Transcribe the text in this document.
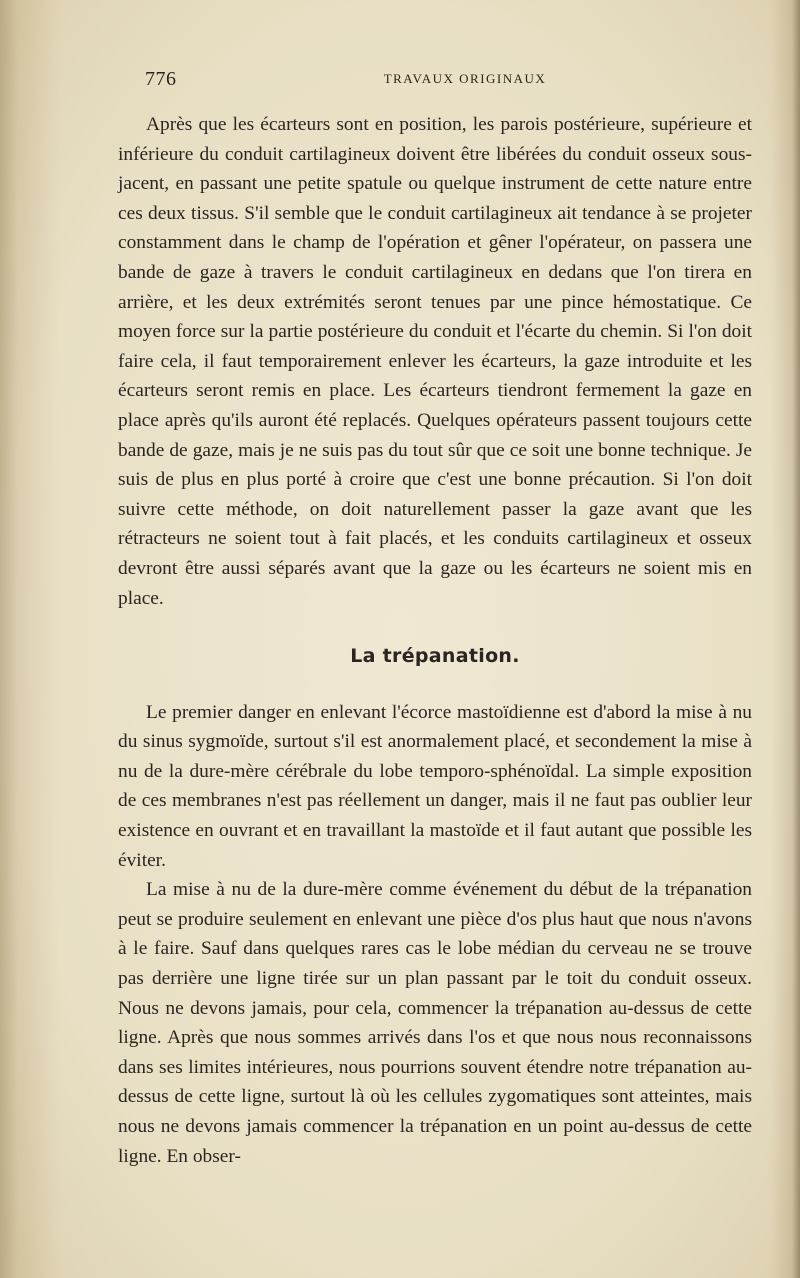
776	TRAVAUX ORIGINAUX

Après que les écarteurs sont en position, les parois postérieure, supérieure et inférieure du conduit cartilagineux doivent être libérées du conduit osseux sous-jacent, en passant une petite spatule ou quelque instrument de cette nature entre ces deux tissus. S'il semble que le conduit cartilagineux ait tendance à se projeter constamment dans le champ de l'opération et gêner l'opérateur, on passera une bande de gaze à travers le conduit cartilagineux en dedans que l'on tirera en arrière, et les deux extrémités seront tenues par une pince hémostatique. Ce moyen force sur la partie postérieure du conduit et l'écarte du chemin. Si l'on doit faire cela, il faut temporairement enlever les écarteurs, la gaze introduite et les écarteurs seront remis en place. Les écarteurs tiendront fermement la gaze en place après qu'ils auront été replacés. Quelques opérateurs passent toujours cette bande de gaze, mais je ne suis pas du tout sûr que ce soit une bonne technique. Je suis de plus en plus porté à croire que c'est une bonne précaution. Si l'on doit suivre cette méthode, on doit naturellement passer la gaze avant que les rétracteurs ne soient tout à fait placés, et les conduits cartilagineux et osseux devront être aussi séparés avant que la gaze ou les écarteurs ne soient mis en place.

La trépanation.

Le premier danger en enlevant l'écorce mastoïdienne est d'abord la mise à nu du sinus sygmoïde, surtout s'il est anormalement placé, et secondement la mise à nu de la dure-mère cérébrale du lobe temporo-sphénoïdal. La simple exposition de ces membranes n'est pas réellement un danger, mais il ne faut pas oublier leur existence en ouvrant et en travaillant la mastoïde et il faut autant que possible les éviter.

La mise à nu de la dure-mère comme événement du début de la trépanation peut se produire seulement en enlevant une pièce d'os plus haut que nous n'avons à le faire. Sauf dans quelques rares cas le lobe médian du cerveau ne se trouve pas derrière une ligne tirée sur un plan passant par le toit du conduit osseux. Nous ne devons jamais, pour cela, commencer la trépanation au-dessus de cette ligne. Après que nous sommes arrivés dans l'os et que nous nous reconnaissons dans ses limites intérieures, nous pourrions souvent étendre notre trépanation au-dessus de cette ligne, surtout là où les cellules zygomatiques sont atteintes, mais nous ne devons jamais commencer la trépanation en un point au-dessus de cette ligne. En obser-
